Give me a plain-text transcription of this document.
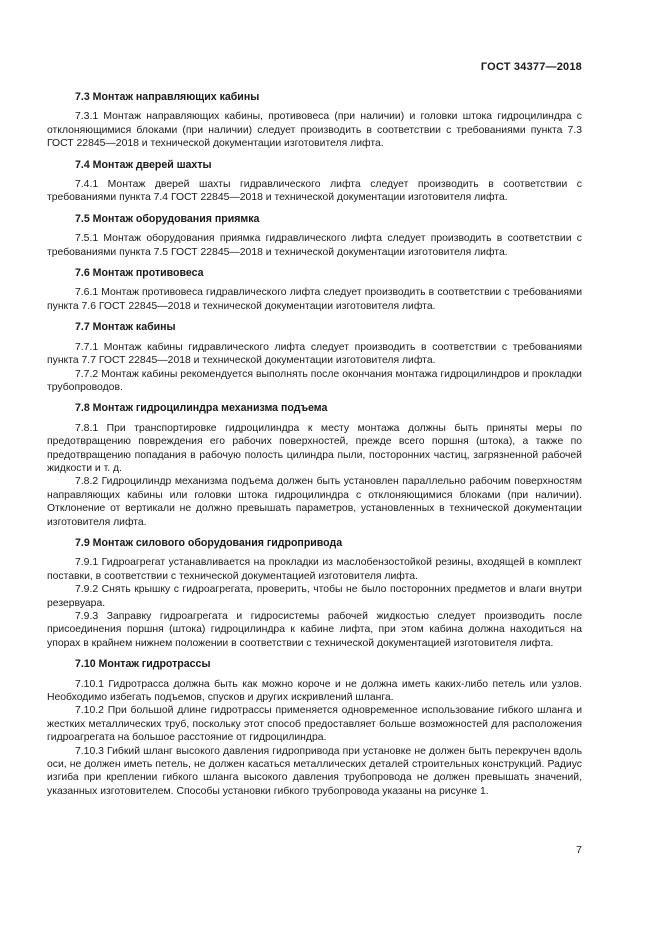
ГОСТ 34377—2018
7.3 Монтаж направляющих кабины

7.3.1 Монтаж направляющих кабины, противовеса (при наличии) и головки штока гидроцилиндра с отклоняющимися блоками (при наличии) следует производить в соответствии с требованиями пункта 7.3 ГОСТ 22845—2018 и технической документации изготовителя лифта.

7.4 Монтаж дверей шахты

7.4.1 Монтаж дверей шахты гидравлического лифта следует производить в соответствии с требованиями пункта 7.4 ГОСТ 22845—2018 и технической документации изготовителя лифта.

7.5 Монтаж оборудования приямка

7.5.1 Монтаж оборудования приямка гидравлического лифта следует производить в соответствии с требованиями пункта 7.5 ГОСТ 22845—2018 и технической документации изготовителя лифта.

7.6 Монтаж противовеса

7.6.1 Монтаж противовеса гидравлического лифта следует производить в соответствии с требованиями пункта 7.6 ГОСТ 22845—2018 и технической документации изготовителя лифта.

7.7 Монтаж кабины

7.7.1 Монтаж кабины гидравлического лифта следует производить в соответствии с требованиями пункта 7.7 ГОСТ 22845—2018 и технической документации изготовителя лифта.

7.7.2 Монтаж кабины рекомендуется выполнять после окончания монтажа гидроцилиндров и прокладки трубопроводов.

7.8 Монтаж гидроцилиндра механизма подъема

7.8.1 При транспортировке гидроцилиндра к месту монтажа должны быть приняты меры по предотвращению повреждения его рабочих поверхностей, прежде всего поршня (штока), а также по предотвращению попадания в рабочую полость цилиндра пыли, посторонних частиц, загрязненной рабочей жидкости и т. д.

7.8.2 Гидроцилиндр механизма подъема должен быть установлен параллельно рабочим поверхностям направляющих кабины или головки штока гидроцилиндра с отклоняющимися блоками (при наличии). Отклонение от вертикали не должно превышать параметров, установленных в технической документации изготовителя лифта.

7.9 Монтаж силового оборудования гидропривода

7.9.1 Гидроагрегат устанавливается на прокладки из маслобензостойкой резины, входящей в комплект поставки, в соответствии с технической документацией изготовителя лифта.

7.9.2 Снять крышку с гидроагрегата, проверить, чтобы не было посторонних предметов и влаги внутри резервуара.

7.9.3 Заправку гидроагрегата и гидросистемы рабочей жидкостью следует производить после присоединения поршня (штока) гидроцилиндра к кабине лифта, при этом кабина должна находиться на упорах в крайнем нижнем положении в соответствии с технической документацией изготовителя лифта.

7.10 Монтаж гидротрассы

7.10.1 Гидротрасса должна быть как можно короче и не должна иметь каких-либо петель или узлов. Необходимо избегать подъемов, спусков и других искривлений шланга.

7.10.2 При большой длине гидротрассы применяется одновременное использование гибкого шланга и жестких металлических труб, поскольку этот способ предоставляет больше возможностей для расположения гидроагрегата на большое расстояние от гидроцилиндра.

7.10.3 Гибкий шланг высокого давления гидропривода при установке не должен быть перекручен вдоль оси, не должен иметь петель, не должен касаться металлических деталей строительных конструкций. Радиус изгиба при креплении гибкого шланга высокого давления трубопровода не должен превышать значений, указанных изготовителем. Способы установки гибкого трубопровода указаны на рисунке 1.

7
